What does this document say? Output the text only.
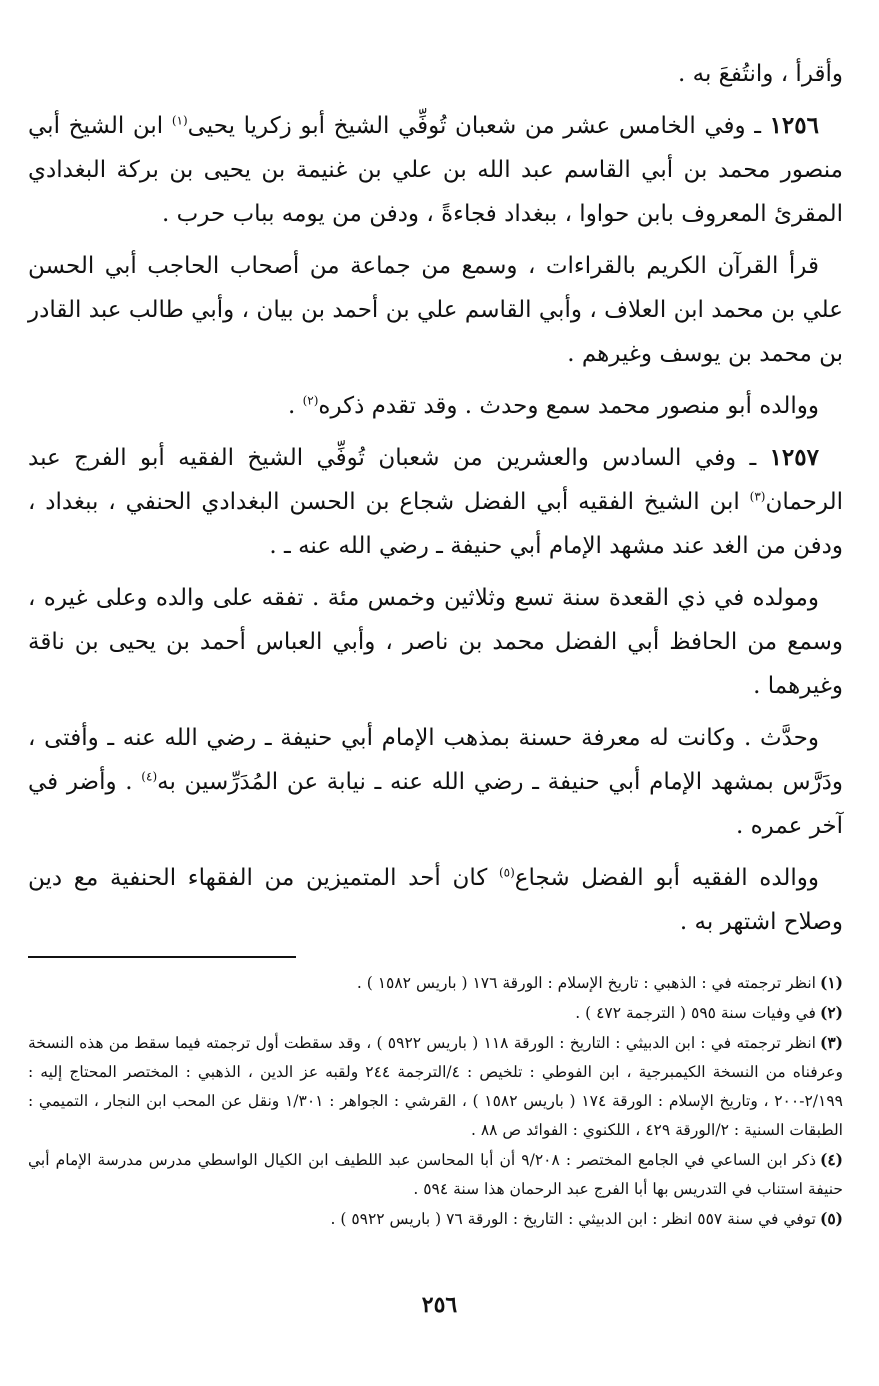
وأقرأ ، وانتُفعَ به .

١٢٥٦ ـ وفي الخامس عشر من شعبان تُوفِّي الشيخ أبو زكريا يحيى$^{(١)}$ ابن الشيخ أبي منصور محمد بن أبي القاسم عبد الله بن علي بن غنيمة بن يحيى بن بركة البغدادي المقرئ المعروف بابن حواوا ، ببغداد فجاءةً ، ودفن من يومه بباب حرب .

قرأ القرآن الكريم بالقراءات ، وسمع من جماعة من أصحاب الحاجب أبي الحسن علي بن محمد ابن العلاف ، وأبي القاسم علي بن أحمد بن بيان ، وأبي طالب عبد القادر بن محمد بن يوسف وغيرهم .

ووالده أبو منصور محمد سمع وحدث . وقد تقدم ذكره$^{(٢)}$ .

١٢٥٧ ـ وفي السادس والعشرين من شعبان تُوفِّي الشيخ الفقيه أبو الفرج عبد الرحمان$^{(٣)}$ ابن الشيخ الفقيه أبي الفضل شجاع بن الحسن البغدادي الحنفي ، ببغداد ، ودفن من الغد عند مشهد الإمام أبي حنيفة ـ رضي الله عنه ـ .

ومولده في ذي القعدة سنة تسع وثلاثين وخمس مئة . تفقه على والده وعلى غيره ، وسمع من الحافظ أبي الفضل محمد بن ناصر ، وأبي العباس أحمد بن يحيى بن ناقة وغيرهما .

وحدَّث . وكانت له معرفة حسنة بمذهب الإمام أبي حنيفة ـ رضي الله عنه ـ وأفتى ، ودَرَّس بمشهد الإمام أبي حنيفة ـ رضي الله عنه ـ نيابة عن المُدَرِّسين به$^{(٤)}$ . وأضر في آخر عمره .

ووالده الفقيه أبو الفضل شجاع$^{(٥)}$ كان أحد المتميزين من الفقهاء الحنفية مع دين وصلاح اشتهر به .

(١)انظر ترجمته في : الذهبي : تاريخ الإسلام : الورقة ١٧٦ ( باريس ١٥٨٢ ) .

(٢)في وفيات سنة ٥٩٥ ( الترجمة ٤٧٢ ) .

(٣)انظر ترجمته في : ابن الدبيثي : التاريخ : الورقة ١١٨ ( باريس ٥٩٢٢ ) ، وقد سقطت أول ترجمته فيما سقط من هذه النسخة وعرفناه من النسخة الكيمبرجية ، ابن الفوطي : تلخيص : ٤/الترجمة ٢٤٤ ولقبه عز الدين ، الذهبي : المختصر المحتاج إليه : ٢/١٩٩-٢٠٠ ، وتاريخ الإسلام : الورقة ١٧٤ ( باريس ١٥٨٢ ) ، القرشي : الجواهر : ١/٣٠١ ونقل عن المحب ابن النجار ، التميمي : الطبقات السنية : ٢/الورقة ٤٢٩ ، اللكنوي : الفوائد ص ٨٨ .

(٤)ذكر ابن الساعي في الجامع المختصر : ٩/٢٠٨ أن أبا المحاسن عبد اللطيف ابن الكيال الواسطي مدرس مدرسة الإمام أبي حنيفة استناب في التدريس بها أبا الفرج عبد الرحمان هذا سنة ٥٩٤ .

(٥)توفي في سنة ٥٥٧ انظر : ابن الدبيثي : التاريخ : الورقة ٧٦ ( باريس ٥٩٢٢ ) .

٢٥٦
